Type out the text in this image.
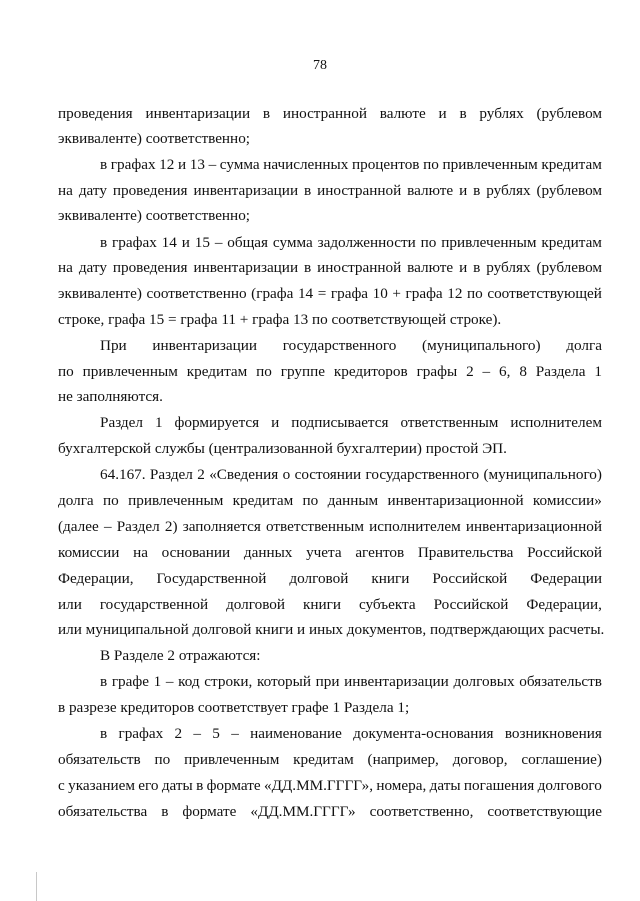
78
проведения инвентаризации в иностранной валюте и в рублях (рублевом
эквиваленте) соответственно;
в графах 12 и 13 – сумма начисленных процентов по привлеченным кредитам
на дату проведения инвентаризации в иностранной валюте и в рублях (рублевом
эквиваленте) соответственно;
в графах 14 и 15 – общая сумма задолженности по привлеченным кредитам
на дату проведения инвентаризации в иностранной валюте и в рублях (рублевом
эквиваленте) соответственно (графа 14 = графа 10 + графа 12 по соответствующей
строке, графа 15 = графа 11 + графа 13 по соответствующей строке).
При инвентаризации государственного (муниципального) долга
по привлеченным кредитам по группе кредиторов графы 2 – 6, 8 Раздела 1
не заполняются.
Раздел 1 формируется и подписывается ответственным исполнителем
бухгалтерской службы (централизованной бухгалтерии) простой ЭП.
64.167. Раздел 2 «Сведения о состоянии государственного (муниципального)
долга по привлеченным кредитам по данным инвентаризационной комиссии»
(далее – Раздел 2) заполняется ответственным исполнителем инвентаризационной
комиссии на основании данных учета агентов Правительства Российской
Федерации, Государственной долговой книги Российской Федерации
или государственной долговой книги субъекта Российской Федерации,
или муниципальной долговой книги и иных документов, подтверждающих расчеты.
В Разделе 2 отражаются:
в графе 1 – код строки, который при инвентаризации долговых обязательств
в разрезе кредиторов соответствует графе 1 Раздела 1;
в графах 2 – 5 – наименование документа-основания возникновения
обязательств по привлеченным кредитам (например, договор, соглашение)
с указанием его даты в формате «ДД.ММ.ГГГГ», номера, даты погашения долгового
обязательства в формате «ДД.ММ.ГГГГ» соответственно, соответствующие
